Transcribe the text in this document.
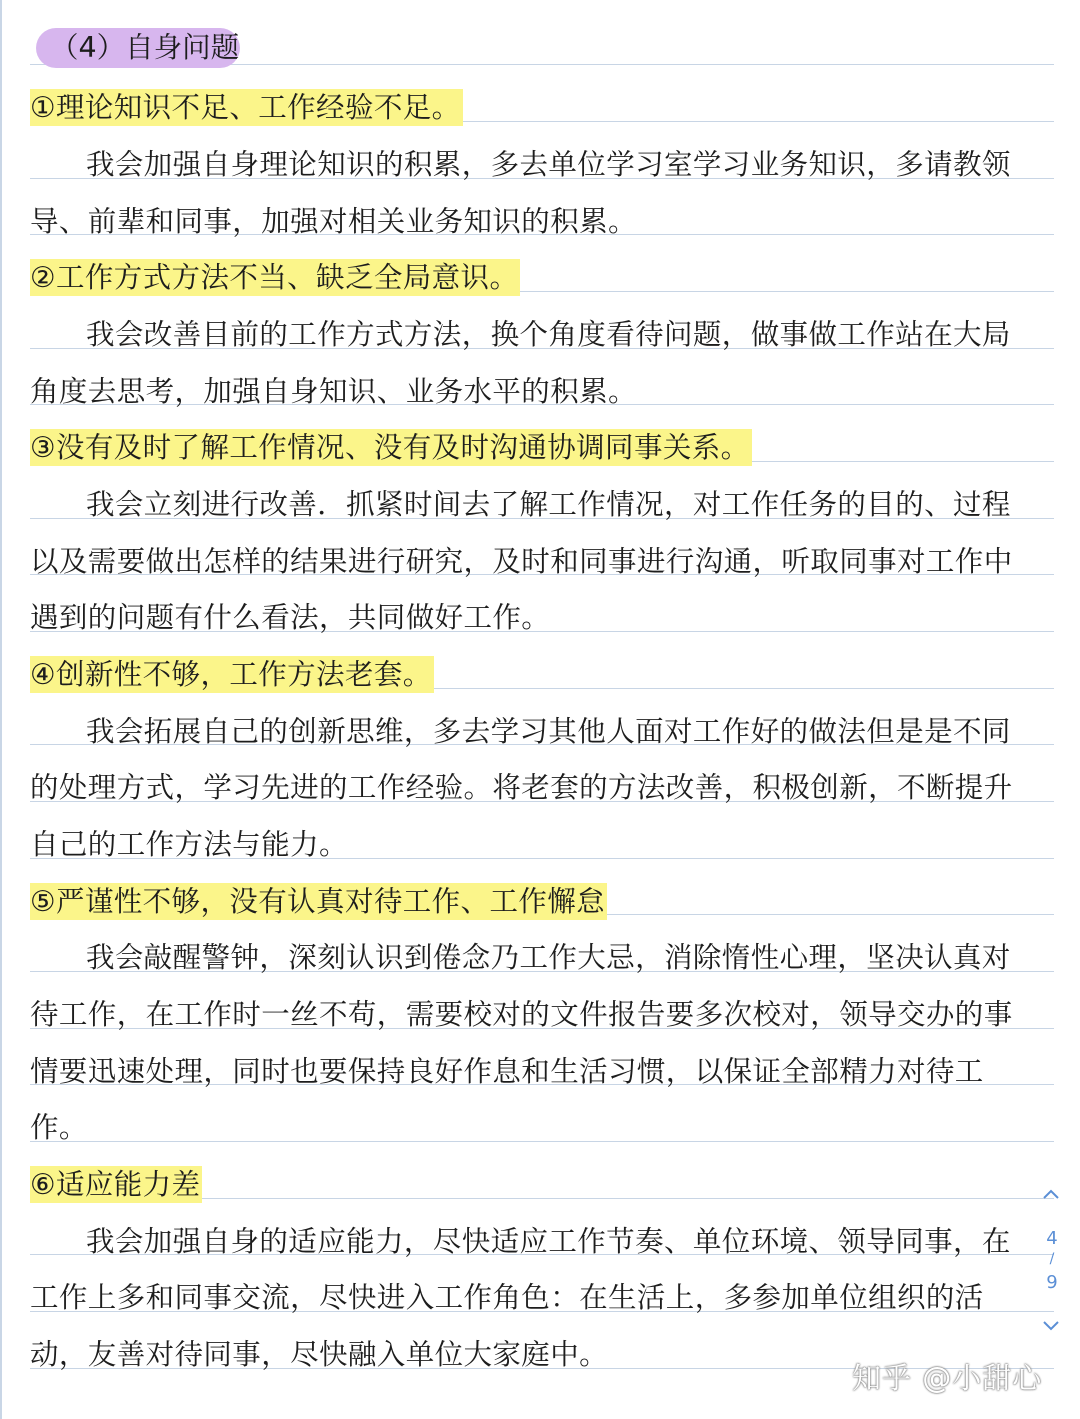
（4）自身问题
①理论知识不足、工作经验不足。
我会加强自身理论知识的积累，多去单位学习室学习业务知识，多请教领
导、前辈和同事，加强对相关业务知识的积累。
②工作方式方法不当、缺乏全局意识。
我会改善目前的工作方式方法，换个角度看待问题，做事做工作站在大局
角度去思考，加强自身知识、业务水平的积累。
③没有及时了解工作情况、没有及时沟通协调同事关系。
我会立刻进行改善．抓紧时间去了解工作情况，对工作任务的目的、过程
以及需要做出怎样的结果进行研究，及时和同事进行沟通，听取同事对工作中
遇到的问题有什么看法，共同做好工作。
④创新性不够，工作方法老套。
我会拓展自己的创新思维，多去学习其他人面对工作好的做法但是是不同
的处理方式，学习先进的工作经验。将老套的方法改善，积极创新，不断提升
自己的工作方法与能力。
⑤严谨性不够，没有认真对待工作、工作懈怠
我会敲醒警钟，深刻认识到倦念乃工作大忌，消除惰性心理，坚决认真对
待工作，在工作时一丝不苟，需要校对的文件报告要多次校对，领导交办的事
情要迅速处理，同时也要保持良好作息和生活习惯，以保证全部精力对待工
作。
⑥适应能力差
我会加强自身的适应能力，尽快适应工作节奏、单位环境、领导同事，在
工作上多和同事交流，尽快进入工作角色：在生活上，多参加单位组织的活
动，友善对待同事，尽快融入单位大家庭中。
4
/
9
知乎 @小甜心
